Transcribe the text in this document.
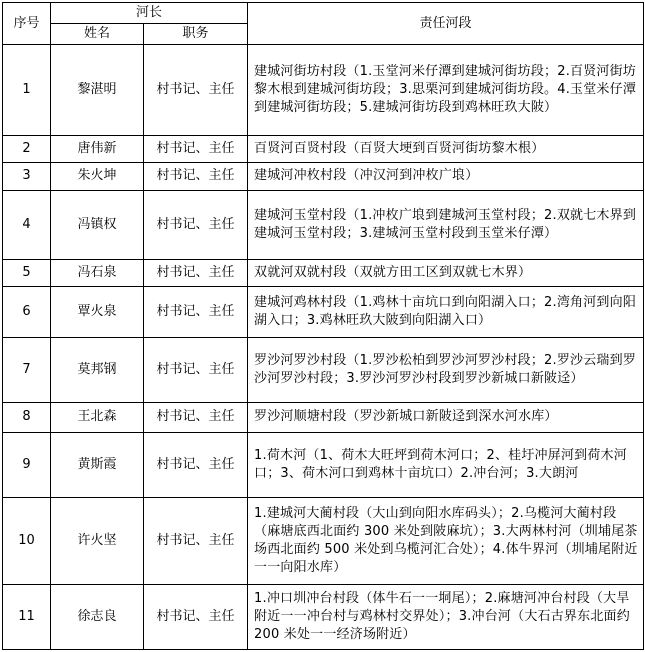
序号	河长		责任河段
	姓名	职务	
1	黎湛明	村书记、主任	建城河街坊村段（1.玉堂河米仔潭到建城河街坊段；2.百贤河街坊黎木根到建城河街坊段；3.思栗河到建城河街坊段。4.玉堂米仔潭到建城河街坊段；5.建城河街坊段到鸡林旺玖大陂）
2	唐伟新	村书记、主任	百贤河百贤村段（百贤大埂到百贤河街坊黎木根）
3	朱火坤	村书记、主任	建城河冲枚村段（冲汉河到冲枚广埌）
4	冯镇权	村书记、主任	建城河玉堂村段（1.冲枚广埌到建城河玉堂村段；2.双就七木界到建城河玉堂村段；3.建城河玉堂村段到玉堂米仔潭）
5	冯石泉	村书记、主任	双就河双就村段（双就方田工区到双就七木界）
6	覃火泉	村书记、主任	建城河鸡林村段（1.鸡林十亩坑口到向阳湖入口；2.湾角河到向阳湖入口；3.鸡林旺玖大陂到向阳湖入口）
7	莫邦钢	村书记、主任	罗沙河罗沙村段（1.罗沙松柏到罗沙河罗沙村段；2.罗沙云瑞到罗沙河罗沙村段；3.罗沙河罗沙村段到罗沙新城口新陂迳）
8	王北森	村书记、主任	罗沙河顺塘村段（罗沙新城口新陂迳到深水河水库）
9	黄斯霞	村书记、主任	1.荷木河（1、荷木大旺坪到荷木河口；2、桂圩冲屏河到荷木河口；3、荷木河口到鸡林十亩坑口）2.冲台河；3.大朗河
10	许火坚	村书记、主任	1.建城河大蔺村段（大山到向阳水库码头）；2.乌榄河大蔺村段（麻塘底西北面约 300 米处到陂麻坑）；3.大两林村河（圳埔尾茶场西北面约 500 米处到乌榄河汇合处）；4.体牛界河（圳埔尾附近一一向阳水库）
11	徐志良	村书记、主任	1.冲口圳冲台村段（体牛石一一垌尾）；2.麻塘河冲台村段（大旱附近一一冲台村与鸡林村交界处）；3.冲台河（大石古界东北面约 200 米处一一经济场附近）
